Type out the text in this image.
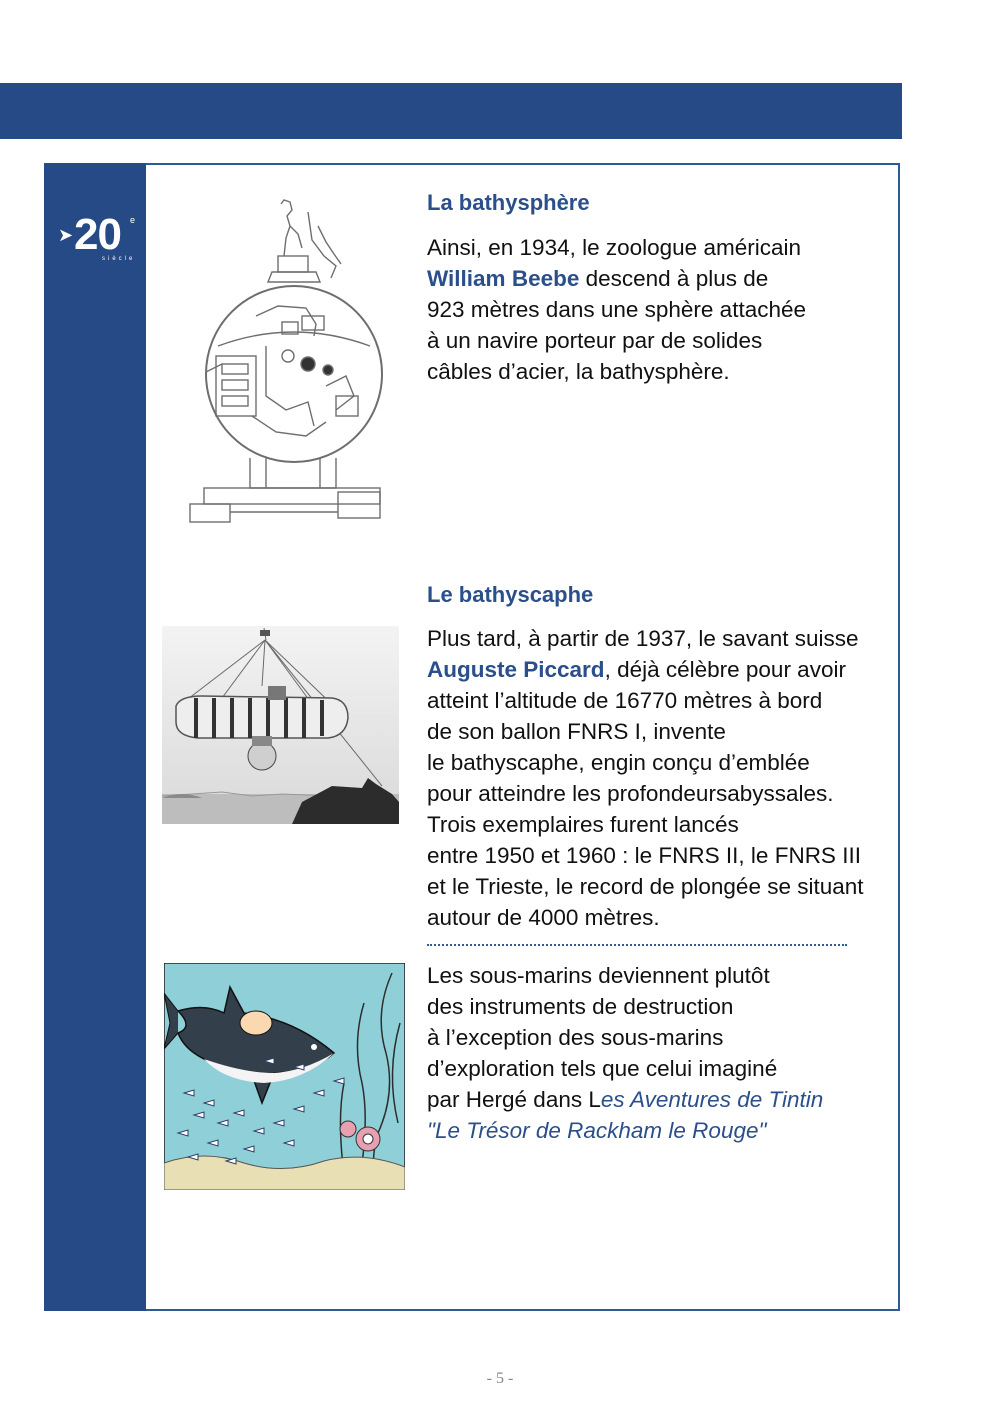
➤ 20 e
siècle
La bathysphère
Ainsi, en 1934, le zoologue américain
William Beebe descend à plus de
923 mètres dans une sphère attachée
à un navire porteur par de solides
câbles d’acier, la bathysphère.
Le bathyscaphe
Plus tard, à partir de 1937, le savant suisse
Auguste Piccard, déjà célèbre pour avoir
atteint l’altitude de 16770 mètres à bord
de son ballon FNRS I, invente
le bathyscaphe, engin conçu d’emblée
pour atteindre les profondeursabyssales.
Trois exemplaires furent lancés
entre 1950 et 1960 : le FNRS II, le FNRS III
et le Trieste, le record de plongée se situant
autour de 4000 mètres.
Les sous-marins deviennent plutôt
des instruments de destruction
à l’exception des sous-marins
d’exploration tels que celui imaginé
par Hergé dans Les Aventures de Tintin
"Le Trésor de Rackham le Rouge"
- 5 -
